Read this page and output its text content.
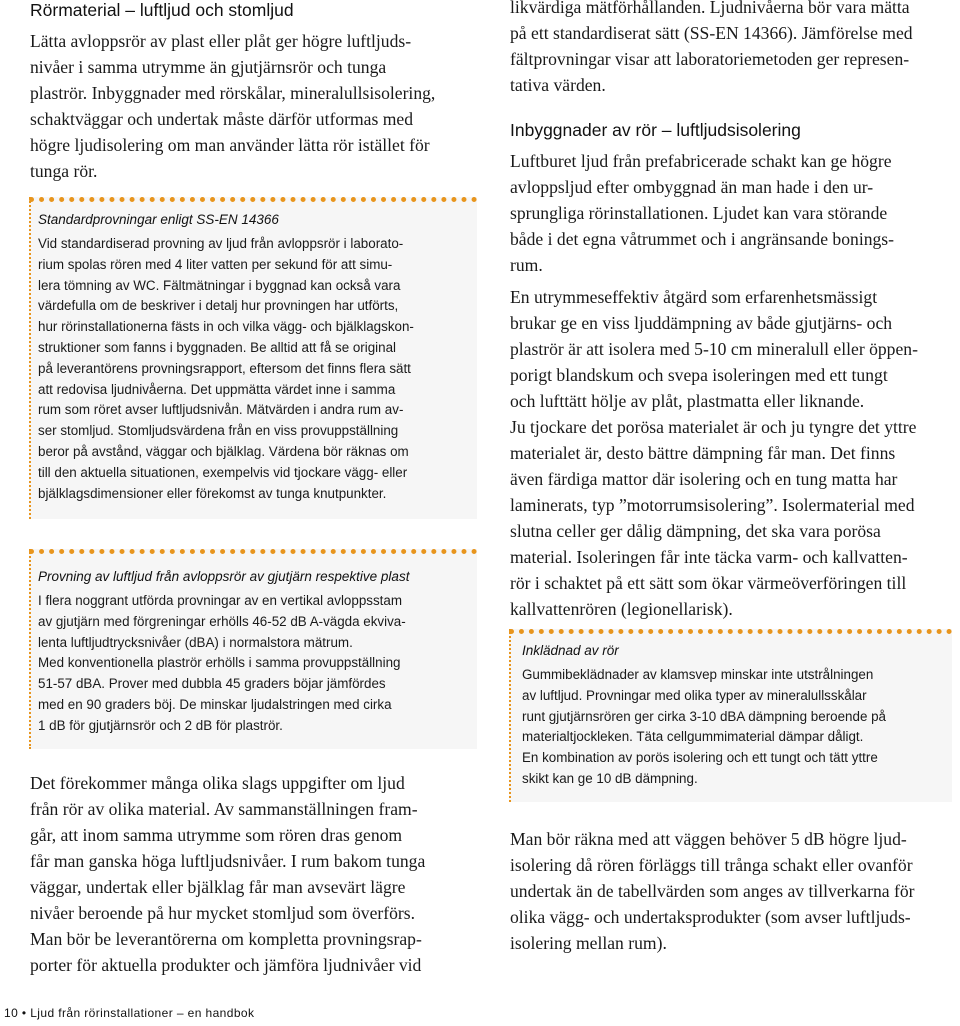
Rörmaterial – luftljud och stomljud
Lätta avloppsrör av plast eller plåt ger högre luftljuds-
nivåer i samma utrymme än gjutjärnsrör och tunga
plaströr. Inbyggnader med rörskålar, mineralullsisolering,
schaktväggar och undertak måste därför utformas med
högre ljudisolering om man använder lätta rör istället för
tunga rör.

Standardprovningar enligt SS-EN 14366

Vid standardiserad provning av ljud från avloppsrör i laborato-
rium spolas rören med 4 liter vatten per sekund för att simu-
lera tömning av WC. Fältmätningar i byggnad kan också vara
värdefulla om de beskriver i detalj hur provningen har utförts,
hur rörinstallationerna fästs in och vilka vägg- och bjälklagskon-
struktioner som fanns i byggnaden. Be alltid att få se original
på leverantörens provningsrapport, eftersom det finns flera sätt
att redovisa ljudnivåerna. Det uppmätta värdet inne i samma
rum som röret avser luftljudsnivån. Mätvärden i andra rum av-
ser stomljud. Stomljudsvärdena från en viss provuppställning
beror på avstånd, väggar och bjälklag. Värdena bör räknas om
till den aktuella situationen, exempelvis vid tjockare vägg- eller
bjälklagsdimensioner eller förekomst av tunga knutpunkter.

Provning av luftljud från avloppsrör av gjutjärn respektive plast

I flera noggrant utförda provningar av en vertikal avloppsstam
av gjutjärn med förgreningar erhölls 46-52 dB A-vägda ekviva-
lenta luftljudtrycksnivåer (dBA) i normalstora mätrum.
Med konventionella plaströr erhölls i samma provuppställning
51-57 dBA. Prover med dubbla 45 graders böjar jämfördes
med en 90 graders böj. De minskar ljudalstringen med cirka
1 dB för gjutjärnsrör och 2 dB för plaströr.
Det förekommer många olika slags uppgifter om ljud
från rör av olika material. Av sammanställningen fram-
går, att inom samma utrymme som rören dras genom
får man ganska höga luftljudsnivåer. I rum bakom tunga
väggar, undertak eller bjälklag får man avsevärt lägre
nivåer beroende på hur mycket stomljud som överförs.
Man bör be leverantörerna om kompletta provningsrap-
porter för aktuella produkter och jämföra ljudnivåer vid
likvärdiga mätförhållanden. Ljudnivåerna bör vara mätta
på ett standardiserat sätt (SS-EN 14366). Jämförelse med
fältprovningar visar att laboratoriemetoden ger represen-
tativa värden.
Inbyggnader av rör – luftljudsisolering
Luftburet ljud från prefabricerade schakt kan ge högre
avloppsljud efter ombyggnad än man hade i den ur-
sprungliga rörinstallationen. Ljudet kan vara störande
både i det egna våtrummet och i angränsande bonings-
rum.
En utrymmeseffektiv åtgärd som erfarenhetsmässigt
brukar ge en viss ljuddämpning av både gjutjärns- och
plaströr är att isolera med 5-10 cm mineralull eller öppen-
porigt blandskum och svepa isoleringen med ett tungt
och lufttätt hölje av plåt, plastmatta eller liknande.
Ju tjockare det porösa materialet är och ju tyngre det yttre
materialet är, desto bättre dämpning får man. Det finns
även färdiga mattor där isolering och en tung matta har
laminerats, typ ”motorrumsisolering”. Isolermaterial med
slutna celler ger dålig dämpning, det ska vara porösa
material. Isoleringen får inte täcka varm- och kallvatten-
rör i schaktet på ett sätt som ökar värmeöverföringen till
kallvattenrören (legionellarisk).

Inklädnad av rör

Gummibeklädnader av klamsvep minskar inte utstrålningen
av luftljud. Provningar med olika typer av mineralullsskålar
runt gjutjärnsrören ger cirka 3-10 dBA dämpning beroende på
materialtjockleken. Täta cellgummimaterial dämpar dåligt.
En kombination av porös isolering och ett tungt och tätt yttre
skikt kan ge 10 dB dämpning.
Man bör räkna med att väggen behöver 5 dB högre ljud-
isolering då rören förläggs till trånga schakt eller ovanför
undertak än de tabellvärden som anges av tillverkarna för
olika vägg- och undertaksprodukter (som avser luftljuds-
isolering mellan rum).
10 • Ljud från rörinstallationer – en handbok
